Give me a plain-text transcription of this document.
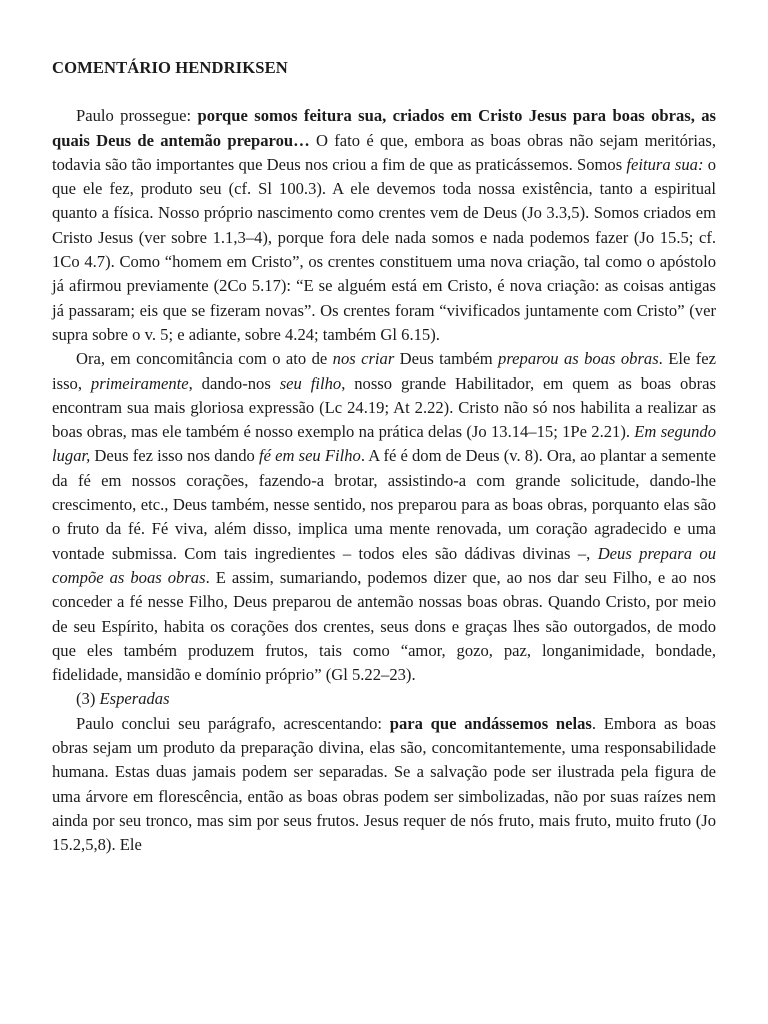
COMENTÁRIO HENDRIKSEN

Paulo prossegue: porque somos feitura sua, criados em Cristo Jesus para boas obras, as quais Deus de antemão preparou… O fato é que, embora as boas obras não sejam meritórias, todavia são tão importantes que Deus nos criou a fim de que as praticássemos. Somos feitura sua: o que ele fez, produto seu (cf. Sl 100.3). A ele devemos toda nossa existência, tanto a espiritual quanto a física. Nosso próprio nascimento como crentes vem de Deus (Jo 3.3,5). Somos criados em Cristo Jesus (ver sobre 1.1,3–4), porque fora dele nada somos e nada podemos fazer (Jo 15.5; cf. 1Co 4.7). Como “homem em Cristo”, os crentes constituem uma nova criação, tal como o apóstolo já afirmou previamente (2Co 5.17): “E se alguém está em Cristo, é nova criação: as coisas antigas já passaram; eis que se fizeram novas”. Os crentes foram “vivificados juntamente com Cristo” (ver supra sobre o v. 5; e adiante, sobre 4.24; também Gl 6.15).

Ora, em concomitância com o ato de nos criar Deus também preparou as boas obras. Ele fez isso, primeiramente, dando-nos seu filho, nosso grande Habilitador, em quem as boas obras encontram sua mais gloriosa expressão (Lc 24.19; At 2.22). Cristo não só nos habilita a realizar as boas obras, mas ele também é nosso exemplo na prática delas (Jo 13.14–15; 1Pe 2.21). Em segundo lugar, Deus fez isso nos dando fé em seu Filho. A fé é dom de Deus (v. 8). Ora, ao plantar a semente da fé em nossos corações, fazendo-a brotar, assistindo-a com grande solicitude, dando-lhe crescimento, etc., Deus também, nesse sentido, nos preparou para as boas obras, porquanto elas são o fruto da fé. Fé viva, além disso, implica uma mente renovada, um coração agradecido e uma vontade submissa. Com tais ingredientes – todos eles são dádivas divinas –, Deus prepara ou compõe as boas obras. E assim, sumariando, podemos dizer que, ao nos dar seu Filho, e ao nos conceder a fé nesse Filho, Deus preparou de antemão nossas boas obras. Quando Cristo, por meio de seu Espírito, habita os corações dos crentes, seus dons e graças lhes são outorgados, de modo que eles também produzem frutos, tais como “amor, gozo, paz, longanimidade, bondade, fidelidade, mansidão e domínio próprio” (Gl 5.22–23).

(3) Esperadas

Paulo conclui seu parágrafo, acrescentando: para que andássemos nelas. Embora as boas obras sejam um produto da preparação divina, elas são, concomitantemente, uma responsabilidade humana. Estas duas jamais podem ser separadas. Se a salvação pode ser ilustrada pela figura de uma árvore em florescência, então as boas obras podem ser simbolizadas, não por suas raízes nem ainda por seu tronco, mas sim por seus frutos. Jesus requer de nós fruto, mais fruto, muito fruto (Jo 15.2,5,8). Ele
